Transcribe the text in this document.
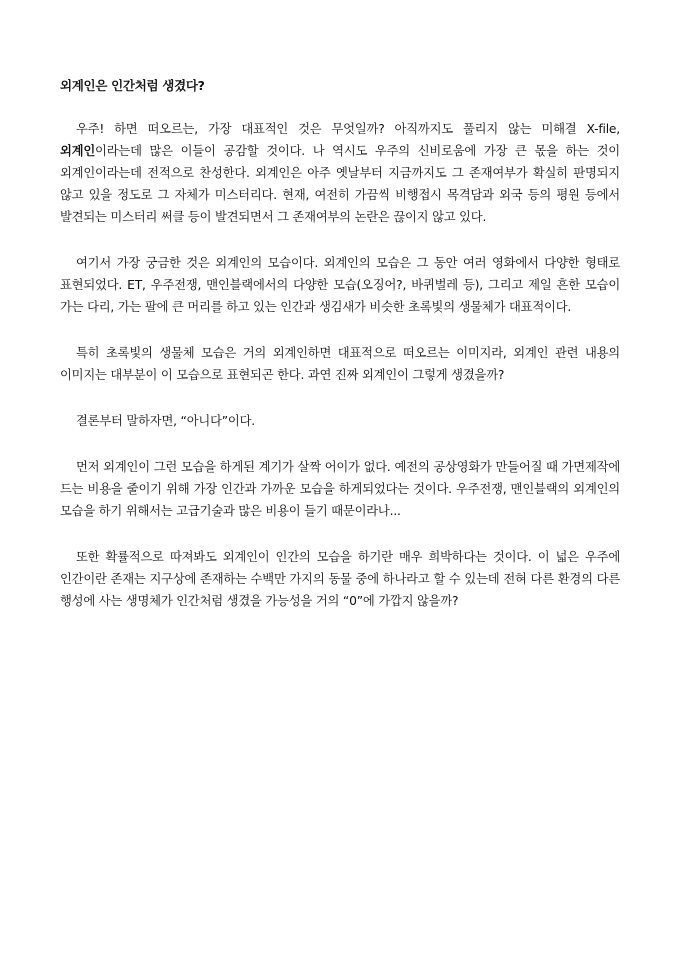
외계인은 인간처럼 생겼다?

우주! 하면 떠오르는, 가장 대표적인 것은 무엇일까? 아직까지도 풀리지 않는 미해결 X-file, 외계인이라는데 많은 이들이 공감할 것이다. 나 역시도 우주의 신비로움에 가장 큰 몫을 하는 것이 외계인이라는데 전적으로 찬성한다. 외계인은 아주 옛날부터 지금까지도 그 존재여부가 확실히 판명되지 않고 있을 정도로 그 자체가 미스터리다. 현재, 여전히 가끔씩 비행접시 목격담과 외국 등의 평원 등에서 발견되는 미스터리 써클 등이 발견되면서 그 존재여부의 논란은 끊이지 않고 있다.

여기서 가장 궁금한 것은 외계인의 모습이다. 외계인의 모습은 그 동안 여러 영화에서 다양한 형태로 표현되었다. ET, 우주전쟁, 맨인블랙에서의 다양한 모습(오징어?, 바퀴벌레 등), 그리고 제일 흔한 모습이 가는 다리, 가는 팔에 큰 머리를 하고 있는 인간과 생김새가 비슷한 초록빛의 생물체가 대표적이다.

특히 초록빛의 생물체 모습은 거의 외계인하면 대표적으로 떠오르는 이미지라, 외계인 관련 내용의 이미지는 대부분이 이 모습으로 표현되곤 한다. 과연 진짜 외계인이 그렇게 생겼을까?

결론부터 말하자면, “아니다”이다.

먼저 외계인이 그런 모습을 하게된 계기가 살짝 어이가 없다. 예전의 공상영화가 만들어질 때 가면제작에 드는 비용을 줄이기 위해 가장 인간과 가까운 모습을 하게되었다는 것이다. 우주전쟁, 맨인블랙의 외계인의 모습을 하기 위해서는 고급기술과 많은 비용이 들기 때문이라나...

또한 확률적으로 따져봐도 외계인이 인간의 모습을 하기란 매우 희박하다는 것이다. 이 넓은 우주에 인간이란 존재는 지구상에 존재하는 수백만 가지의 동물 중에 하나라고 할 수 있는데 전혀 다른 환경의 다른 행성에 사는 생명체가 인간처럼 생겼을 가능성을 거의 “0”에 가깝지 않을까?
